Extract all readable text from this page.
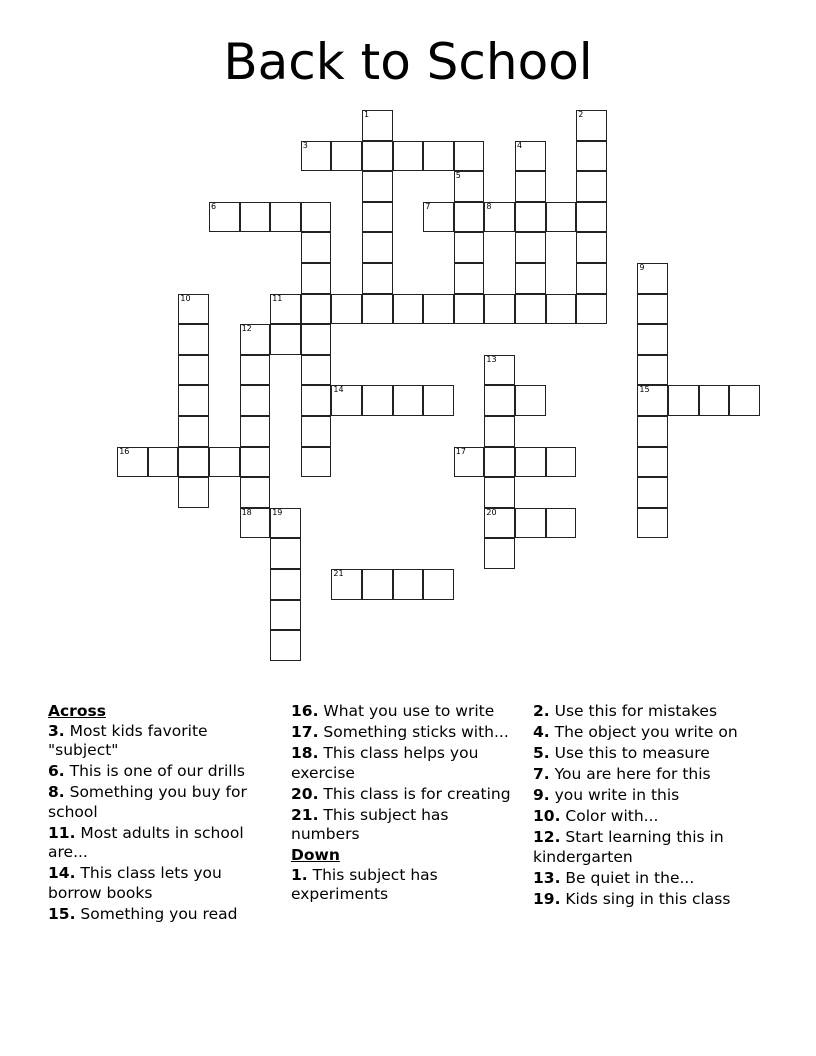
Back to School
1	2
3	4
5
6	7	8
11
10
16
12
18
9
15
14
13
20
17
19
21
Across
3. Most kids favorite "subject"
6. This is one of our drills
8. Something you buy for school
11. Most adults in school are...
14. This class lets you borrow books
15. Something you read
16. What you use to write
17. Something sticks with...
18. This class helps you exercise
20. This class is for creating
21. This subject has numbers
Down
1. This subject has experiments
2. Use this for mistakes
4. The object you write on
5. Use this to measure
7. You are here for this
9. you write in this
10. Color with...
12. Start learning this in kindergarten
13. Be quiet in the...
19. Kids sing in this class
